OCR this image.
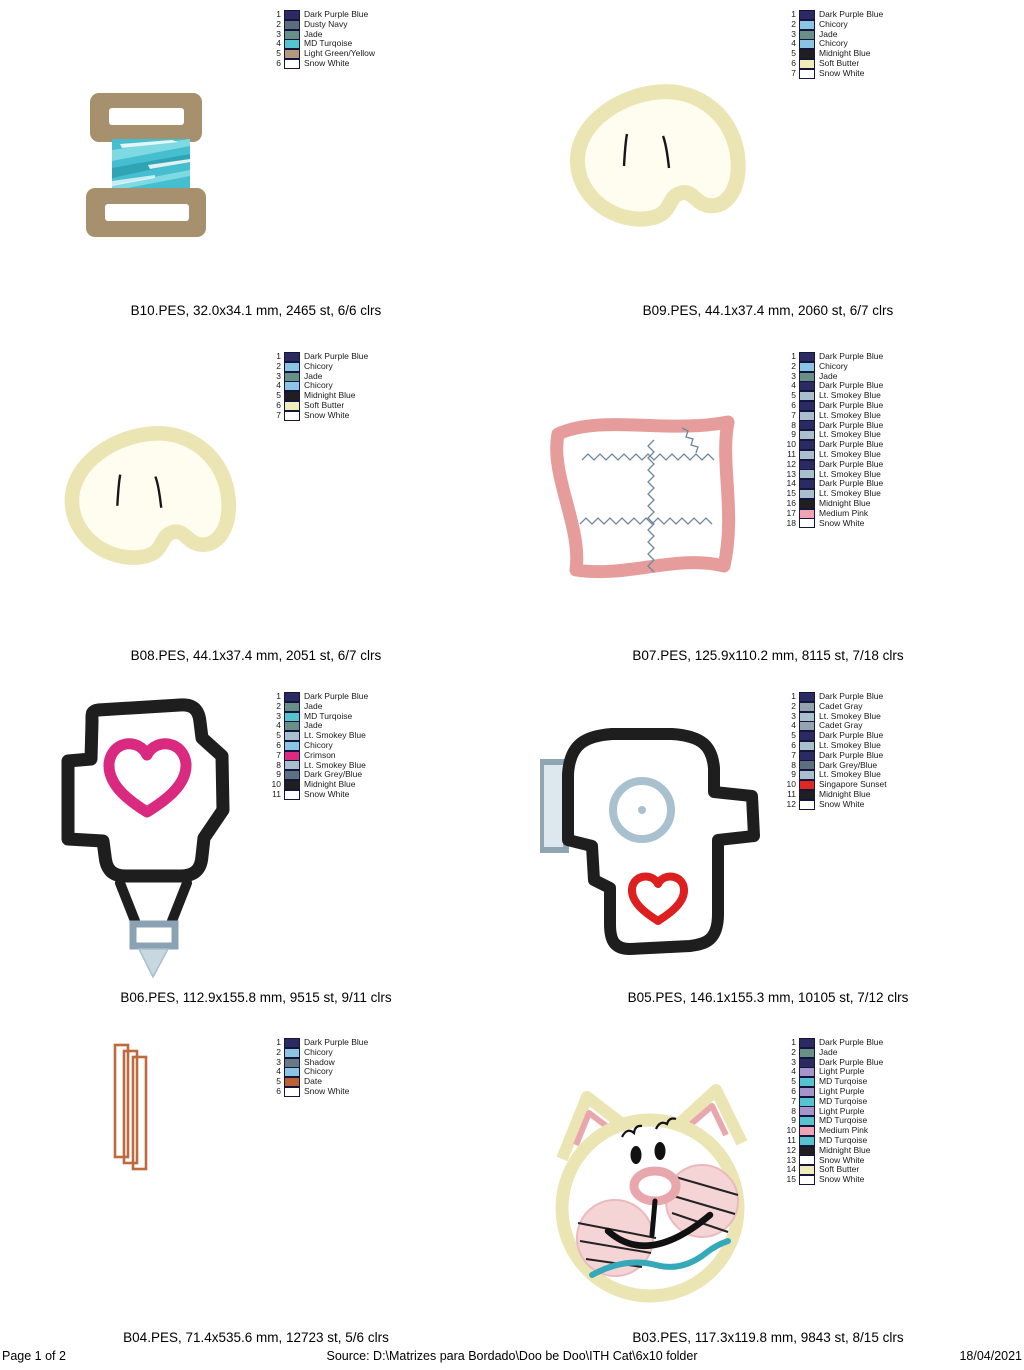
1	Dark Purple Blue
2	Dusty Navy
3	Jade
4	MD Turqoise
5	Light Green/Yellow
6	Snow White
B10.PES, 32.0x34.1 mm, 2465 st, 6/6 clrs
1	Dark Purple Blue
2	Chicory
3	Jade
4	Chicory
5	Midnight Blue
6	Soft Butter
7	Snow White
B09.PES, 44.1x37.4 mm, 2060 st, 6/7 clrs
1	Dark Purple Blue
2	Chicory
3	Jade
4	Chicory
5	Midnight Blue
6	Soft Butter
7	Snow White
B08.PES, 44.1x37.4 mm, 2051 st, 6/7 clrs
1	Dark Purple Blue
2	Chicory
3	Jade
4	Dark Purple Blue
5	Lt. Smokey Blue
6	Dark Purple Blue
7	Lt. Smokey Blue
8	Dark Purple Blue
9	Lt. Smokey Blue
10	Dark Purple Blue
11	Lt. Smokey Blue
12	Dark Purple Blue
13	Lt. Smokey Blue
14	Dark Purple Blue
15	Lt. Smokey Blue
16	Midnight Blue
17	Medium Pink
18	Snow White
B07.PES, 125.9x110.2 mm, 8115 st, 7/18 clrs
1	Dark Purple Blue
2	Jade
3	MD Turqoise
4	Jade
5	Lt. Smokey Blue
6	Chicory
7	Crimson
8	Lt. Smokey Blue
9	Dark Grey/Blue
10	Midnight Blue
11	Snow White
B06.PES, 112.9x155.8 mm, 9515 st, 9/11 clrs
1	Dark Purple Blue
2	Cadet Gray
3	Lt. Smokey Blue
4	Cadet Gray
5	Dark Purple Blue
6	Lt. Smokey Blue
7	Dark Purple Blue
8	Dark Grey/Blue
9	Lt. Smokey Blue
10	Singapore Sunset
11	Midnight Blue
12	Snow White
B05.PES, 146.1x155.3 mm, 10105 st, 7/12 clrs
1	Dark Purple Blue
2	Chicory
3	Shadow
4	Chicory
5	Date
6	Snow White
B04.PES, 71.4x535.6 mm, 12723 st, 5/6 clrs
1	Dark Purple Blue
2	Jade
3	Dark Purple Blue
4	Light Purple
5	MD Turqoise
6	Light Purple
7	MD Turqoise
8	Light Purple
9	MD Turqoise
10	Medium Pink
11	MD Turqoise
12	Midnight Blue
13	Snow White
14	Soft Butter
15	Snow White
B03.PES, 117.3x119.8 mm, 9843 st, 8/15 clrs
Page 1 of 2	Source: D:\Matrizes para Bordado\Doo be Doo\ITH Cat\6x10 folder	18/04/2021
